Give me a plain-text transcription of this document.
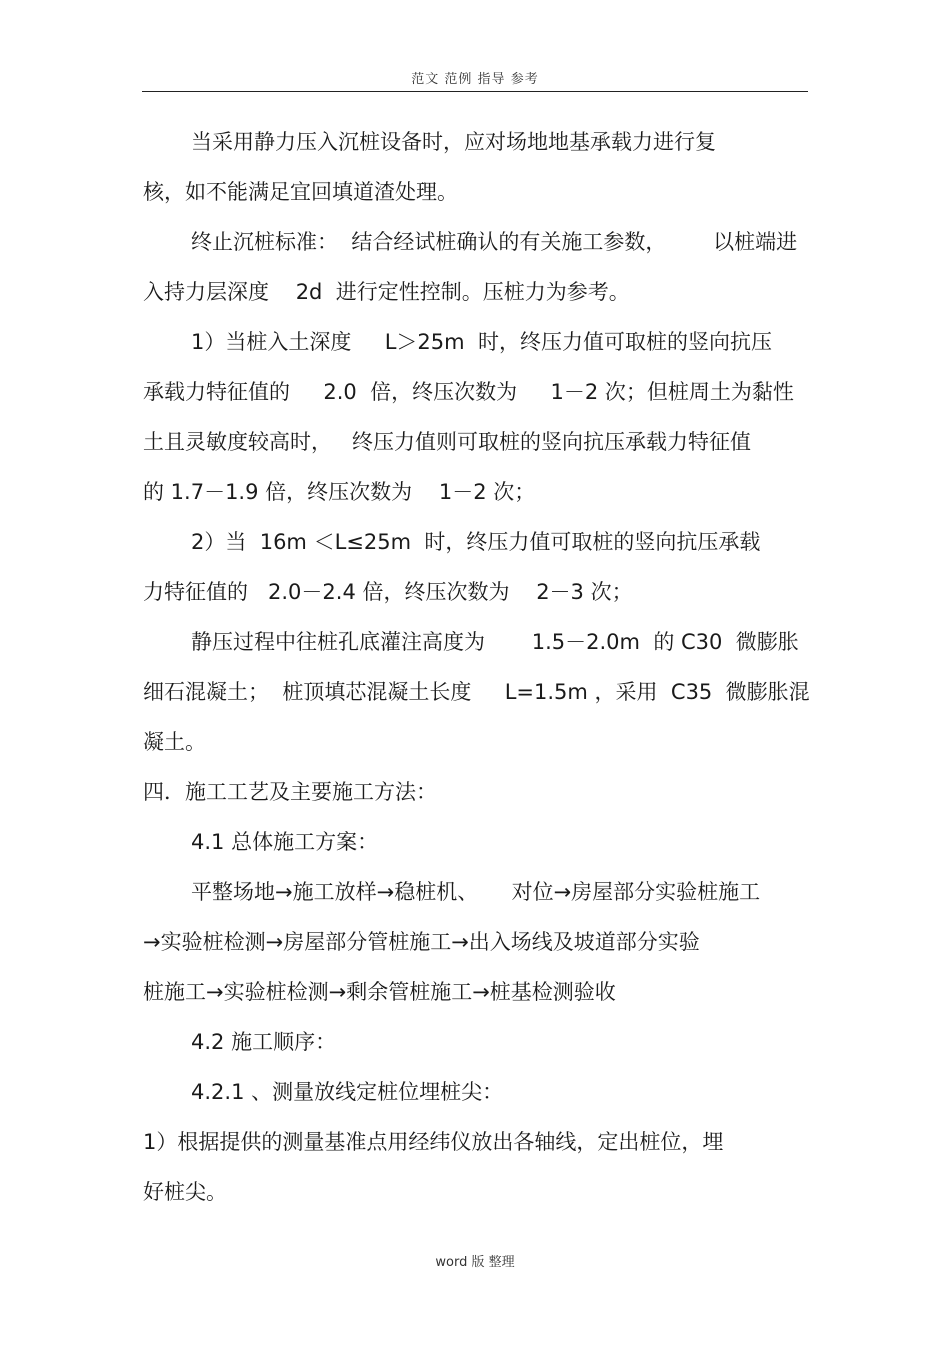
范文 范例 指导 参考
当采用静力压入沉桩设备时，应对场地地基承载力进行复
核，如不能满足宜回填道渣处理。
终止沉桩标准：  结合经试桩确认的有关施工参数，       以桩端进
入持力层深度    2d  进行定性控制。压桩力为参考。
1）当桩入土深度     L＞25m  时，终压力值可取桩的竖向抗压
承载力特征值的     2.0  倍，终压次数为     1－2 次；但桩周土为黏性
土且灵敏度较高时，   终压力值则可取桩的竖向抗压承载力特征值
的 1.7－1.9 倍，终压次数为    1－2 次；
2）当  16m ＜L≤25m  时，终压力值可取桩的竖向抗压承载
力特征值的   2.0－2.4 倍，终压次数为    2－3 次；
静压过程中往桩孔底灌注高度为       1.5－2.0m  的 C30  微膨胀
细石混凝土；  桩顶填芯混凝土长度     L=1.5m ，采用  C35  微膨胀混
凝土。
四．施工工艺及主要施工方法：
4.1 总体施工方案：
平整场地→施工放样→稳桩机、     对位→房屋部分实验桩施工
→实验桩检测→房屋部分管桩施工→出入场线及坡道部分实验
桩施工→实验桩检测→剩余管桩施工→桩基检测验收
4.2 施工顺序：
4.2.1 、测量放线定桩位埋桩尖：
1）根据提供的测量基准点用经纬仪放出各轴线，定出桩位，埋
好桩尖。
word 版 整理
